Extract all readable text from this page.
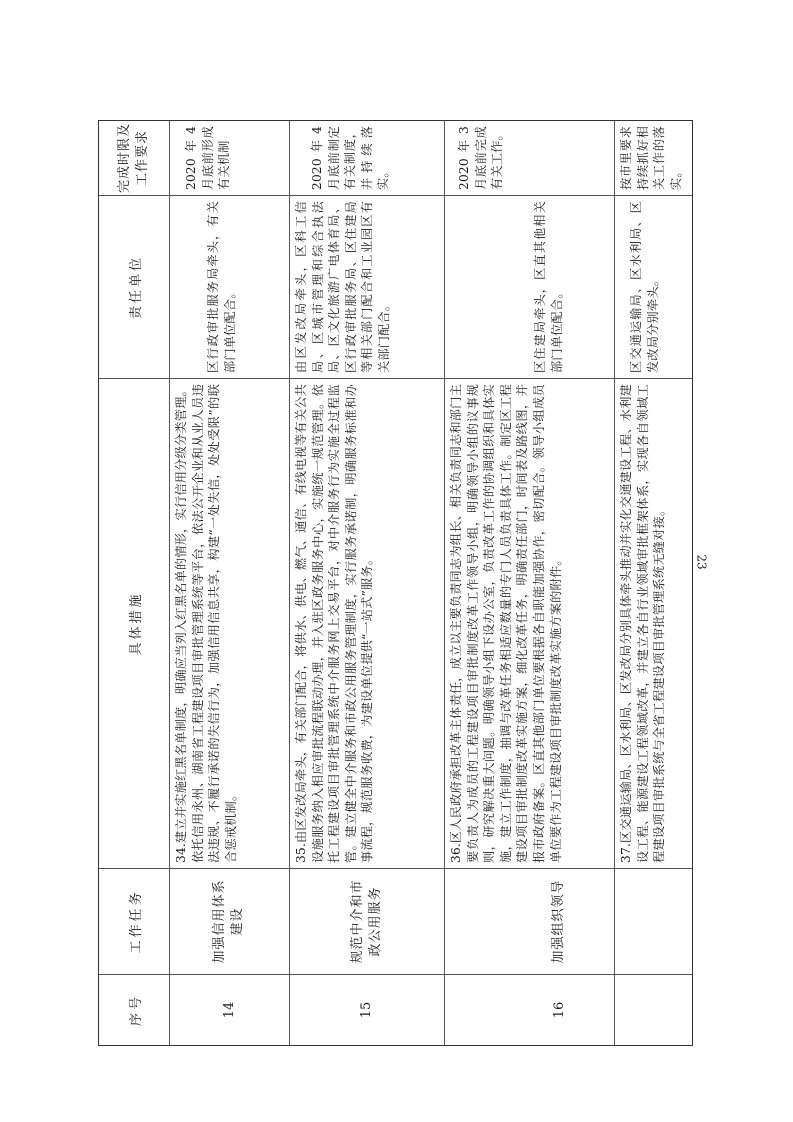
序号
工作任务
具体措施
责任单位
完成时限及工作要求
14
加强信用体系建设
34.建立并实施红黑名单制度，明确应当列入红黑名单的情形，实行信用分级分类管理。依托信用永州、湖南省工程建设项目审批管理系统等平台，依法公开企业和从业人员违法违规、不履行承诺的失信行为，加强信用信息共享，构建“一处失信，处处受限”的联合惩戒机制。
区行政审批服务局牵头，有关部门单位配合。
2020年4月底前形成有关机制
15
规范中介和市政公用服务
35.由区发改局牵头，有关部门配合，将供水、供电、燃气、通信、有线电视等有关公共设施服务纳入相应审批流程联动办理，并入驻区政务服务中心，实施统一规范管理。依托工程建设项目审批管理系统中介服务网上交易平台，对中介服务行为实施全过程监管。建立健全中介服务和市政公用服务管理制度，实行服务承诺制，明确服务标准和办事流程，规范服务收费，为建设单位提供“一站式”服务。
由区发改局牵头，区科工信局、区城市管理和综合执法局、区文化旅游广电体育局、区行政审批服务局、区住建局等相关部门配合和工业园区有关部门配合。
2020年4月底前制定有关制度，并持续落实。
16
加强组织领导
36.区人民政府承担改革主体责任，成立以主要负责同志为组长、相关负责同志和部门主要负责人为成员的工程建设项目审批制度改革工作领导小组，明确领导小组的议事规则，研究解决重大问题。明确领导小组下设办公室，负责改革工作的协调组织和具体实施，建立工作制度，抽调与改革任务相适应数量的专门人员负责具体工作。制定区工程建设项目审批制度改革实施方案，细化改革任务，明确责任部门，时间表及路线图，并报市政府备案。区直其他部门单位要根据各自职能加强协作，密切配合。领导小组成员单位要作为工程建设项目审批制度改革实施方案的附件。
区住建局牵头，区直其他相关部门单位配合。
2020年3月底前完成有关工作。
37.区交通运输局、区水利局、区发改局分别具体牵头推动并实化交通建设工程、水利建设工程、能源建设工程领域改革，并建立各自行业领域审批框架体系，实现各自领域工程建设项目审批系统与全省工程建设项目审批管理系统无缝对接。
区交通运输局、区水利局、区发改局分别牵头。
按市里要求持续抓好相关工作的落实。
23
